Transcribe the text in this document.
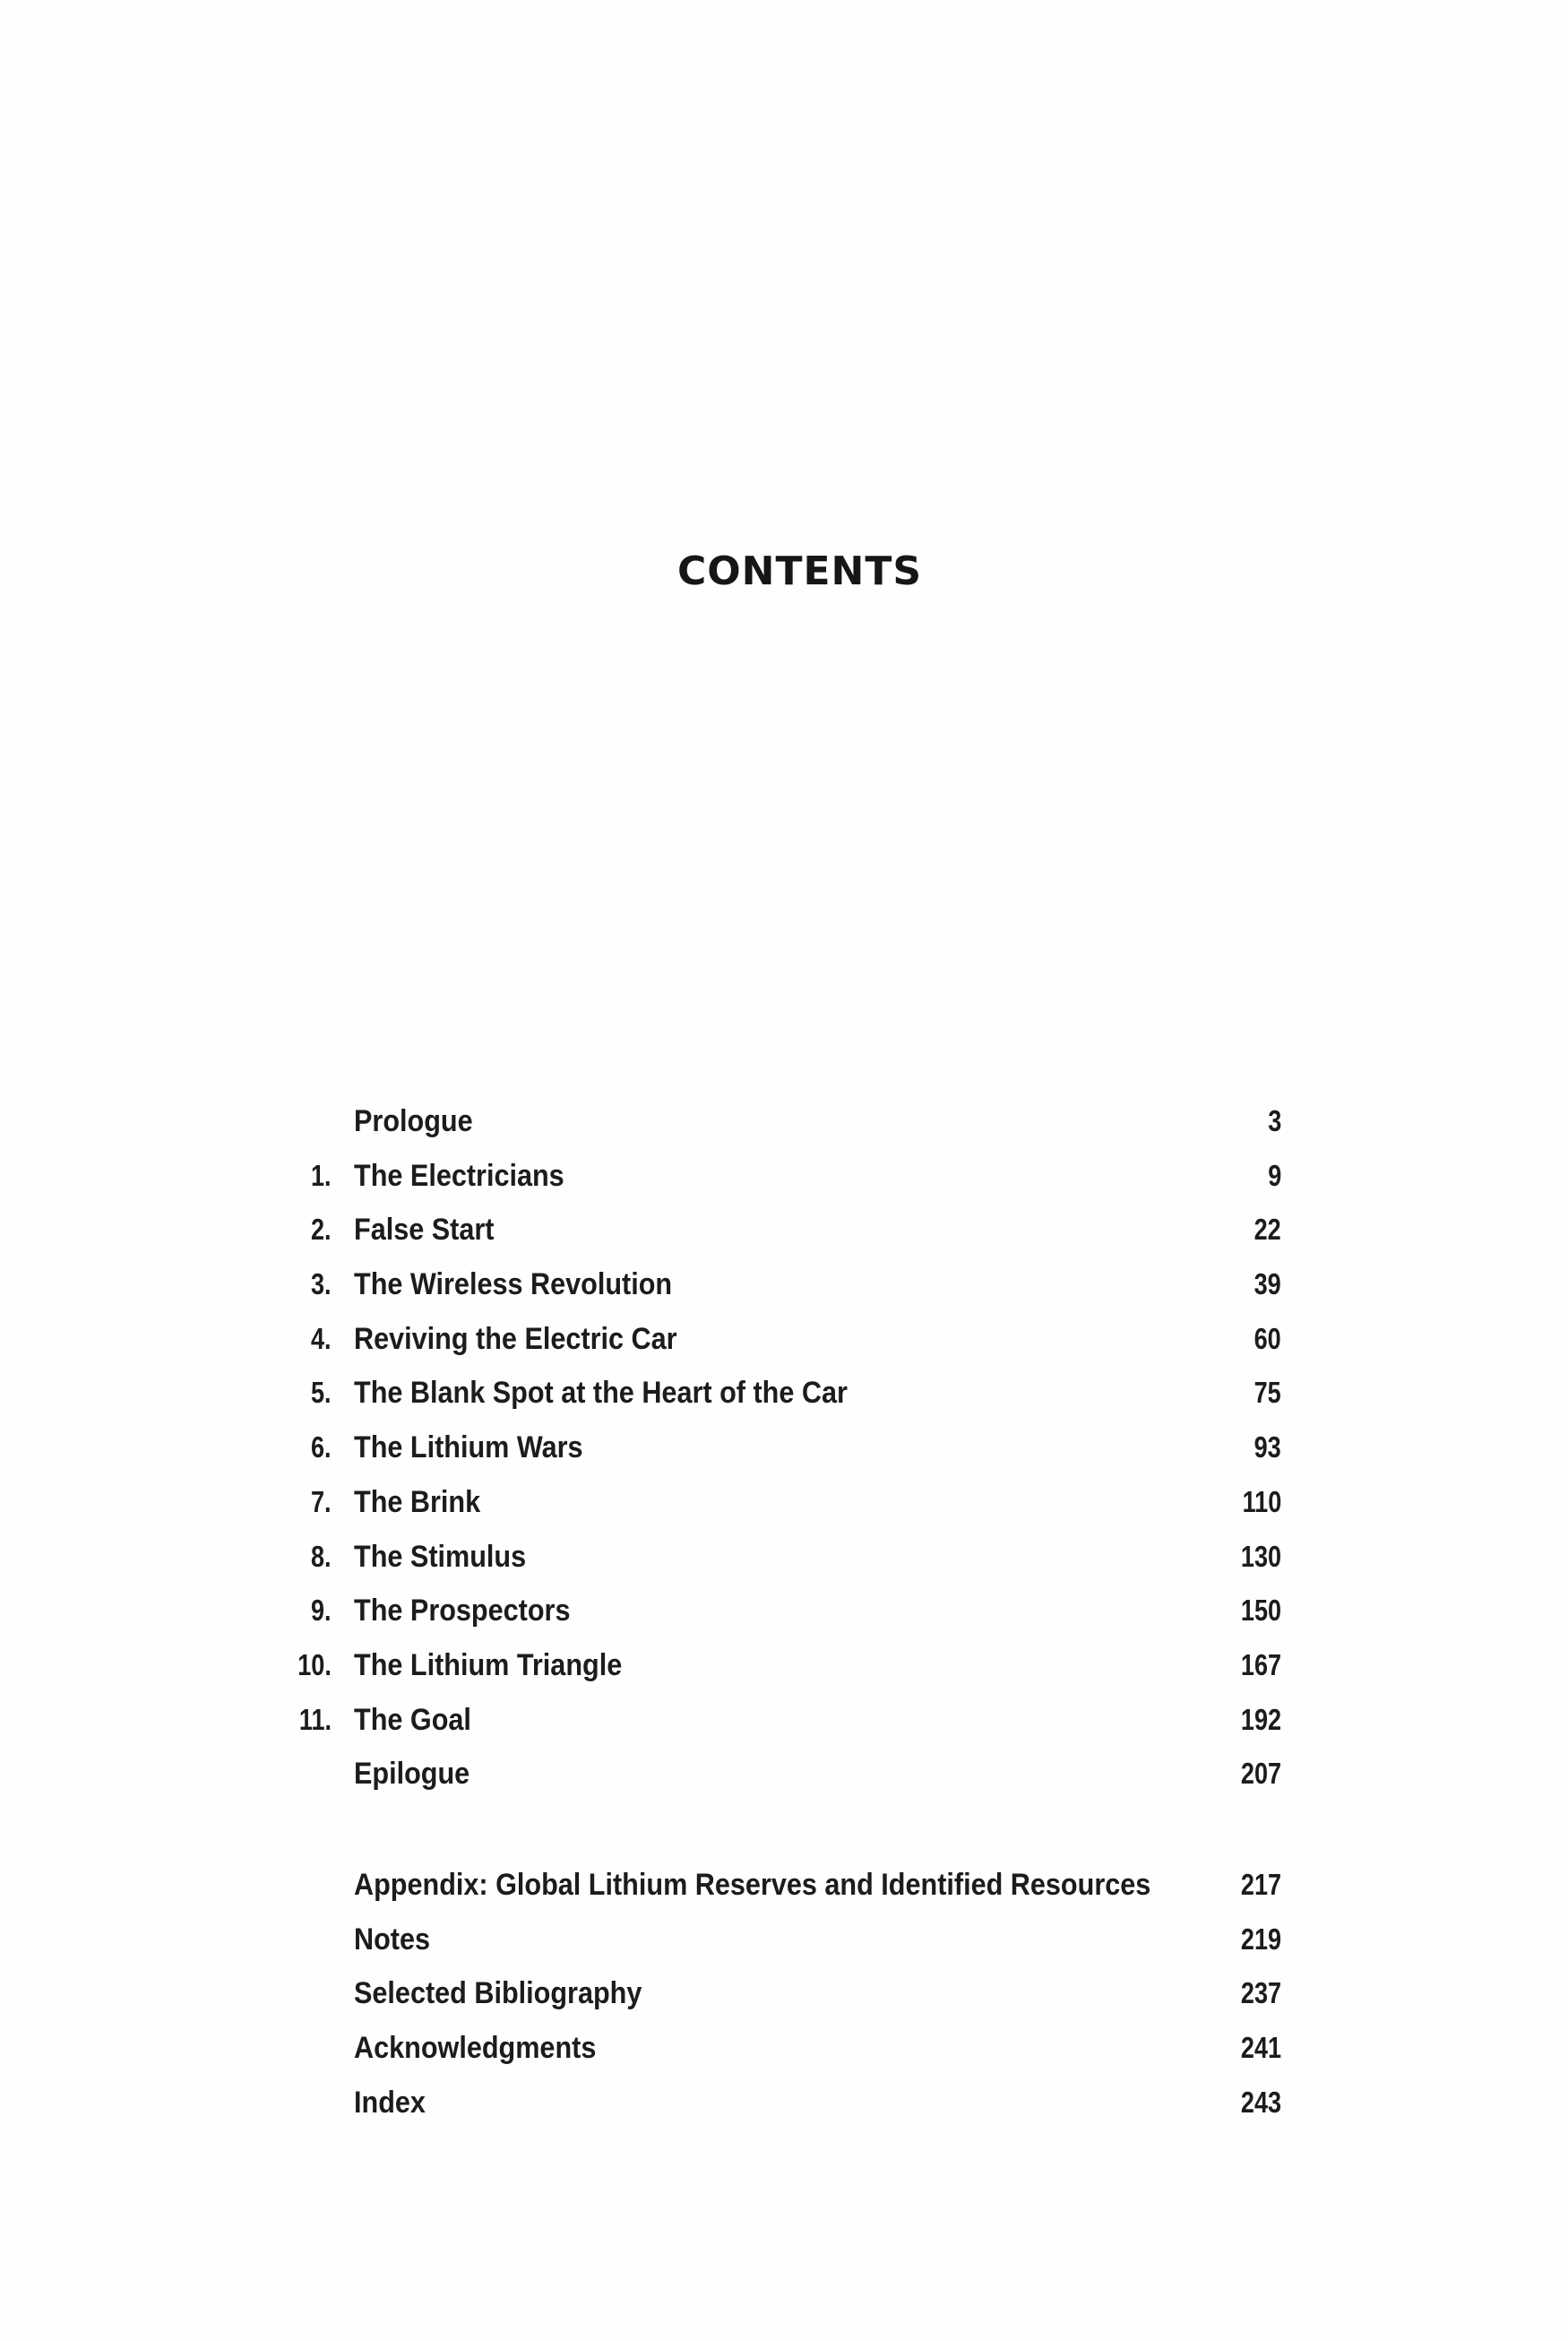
CONTENTS
Prologue	3
1. The Electricians	9
2. False Start	22
3. The Wireless Revolution	39
4. Reviving the Electric Car	60
5. The Blank Spot at the Heart of the Car	75
6. The Lithium Wars	93
7. The Brink	110
8. The Stimulus	130
9. The Prospectors	150
10. The Lithium Triangle	167
11. The Goal	192
Epilogue	207
Appendix: Global Lithium Reserves and Identified Resources	217
Notes	219
Selected Bibliography	237
Acknowledgments	241
Index	243
